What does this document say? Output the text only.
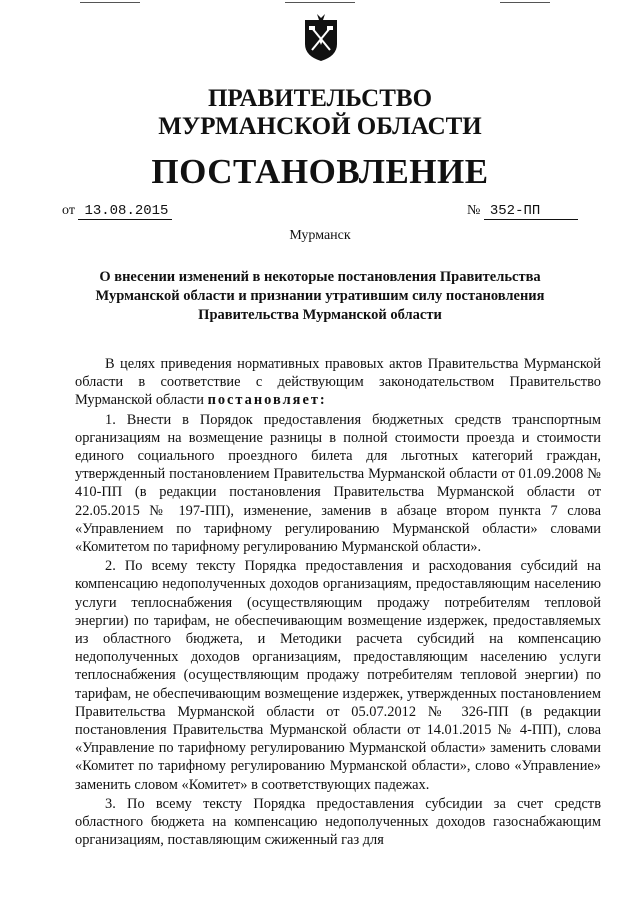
ПРАВИТЕЛЬСТВО
МУРМАНСКОЙ ОБЛАСТИ
ПОСТАНОВЛЕНИЕ
от 13.08.2015	№ 352-ПП
Мурманск
О внесении изменений в некоторые постановления Правительства
Мурманской области и признании утратившим силу постановления
Правительства Мурманской области

В целях приведения нормативных правовых актов Правительства Мурманской области в соответствие с действующим законодательством Правительство Мурманской области постановляет:

1. Внести в Порядок предоставления бюджетных средств транспортным организациям на возмещение разницы в полной стоимости проезда и стоимости единого социального проездного билета для льготных категорий граждан, утвержденный постановлением Правительства Мурманской области от 01.09.2008 № 410-ПП (в редакции постановления Правительства Мурманской области от 22.05.2015 № 197-ПП), изменение, заменив в абзаце втором пункта 7 слова «Управлением по тарифному регулированию Мурманской области» словами «Комитетом по тарифному регулированию Мурманской области».

2. По всему тексту Порядка предоставления и расходования субсидий на компенсацию недополученных доходов организациям, предоставляющим населению услуги теплоснабжения (осуществляющим продажу потребителям тепловой энергии) по тарифам, не обеспечивающим возмещение издержек, предоставляемых из областного бюджета, и Методики расчета субсидий на компенсацию недополученных доходов организациям, предоставляющим населению услуги теплоснабжения (осуществляющим продажу потребителям тепловой энергии) по тарифам, не обеспечивающим возмещение издержек, утвержденных постановлением Правительства Мурманской области от 05.07.2012 № 326-ПП (в редакции постановления Правительства Мурманской области от 14.01.2015 № 4-ПП), слова «Управление по тарифному регулированию Мурманской области» заменить словами «Комитет по тарифному регулированию Мурманской области», слово «Управление» заменить словом «Комитет» в соответствующих падежах.

3. По всему тексту Порядка предоставления субсидии за счет средств областного бюджета на компенсацию недополученных доходов газоснабжающим организациям, поставляющим сжиженный газ для
